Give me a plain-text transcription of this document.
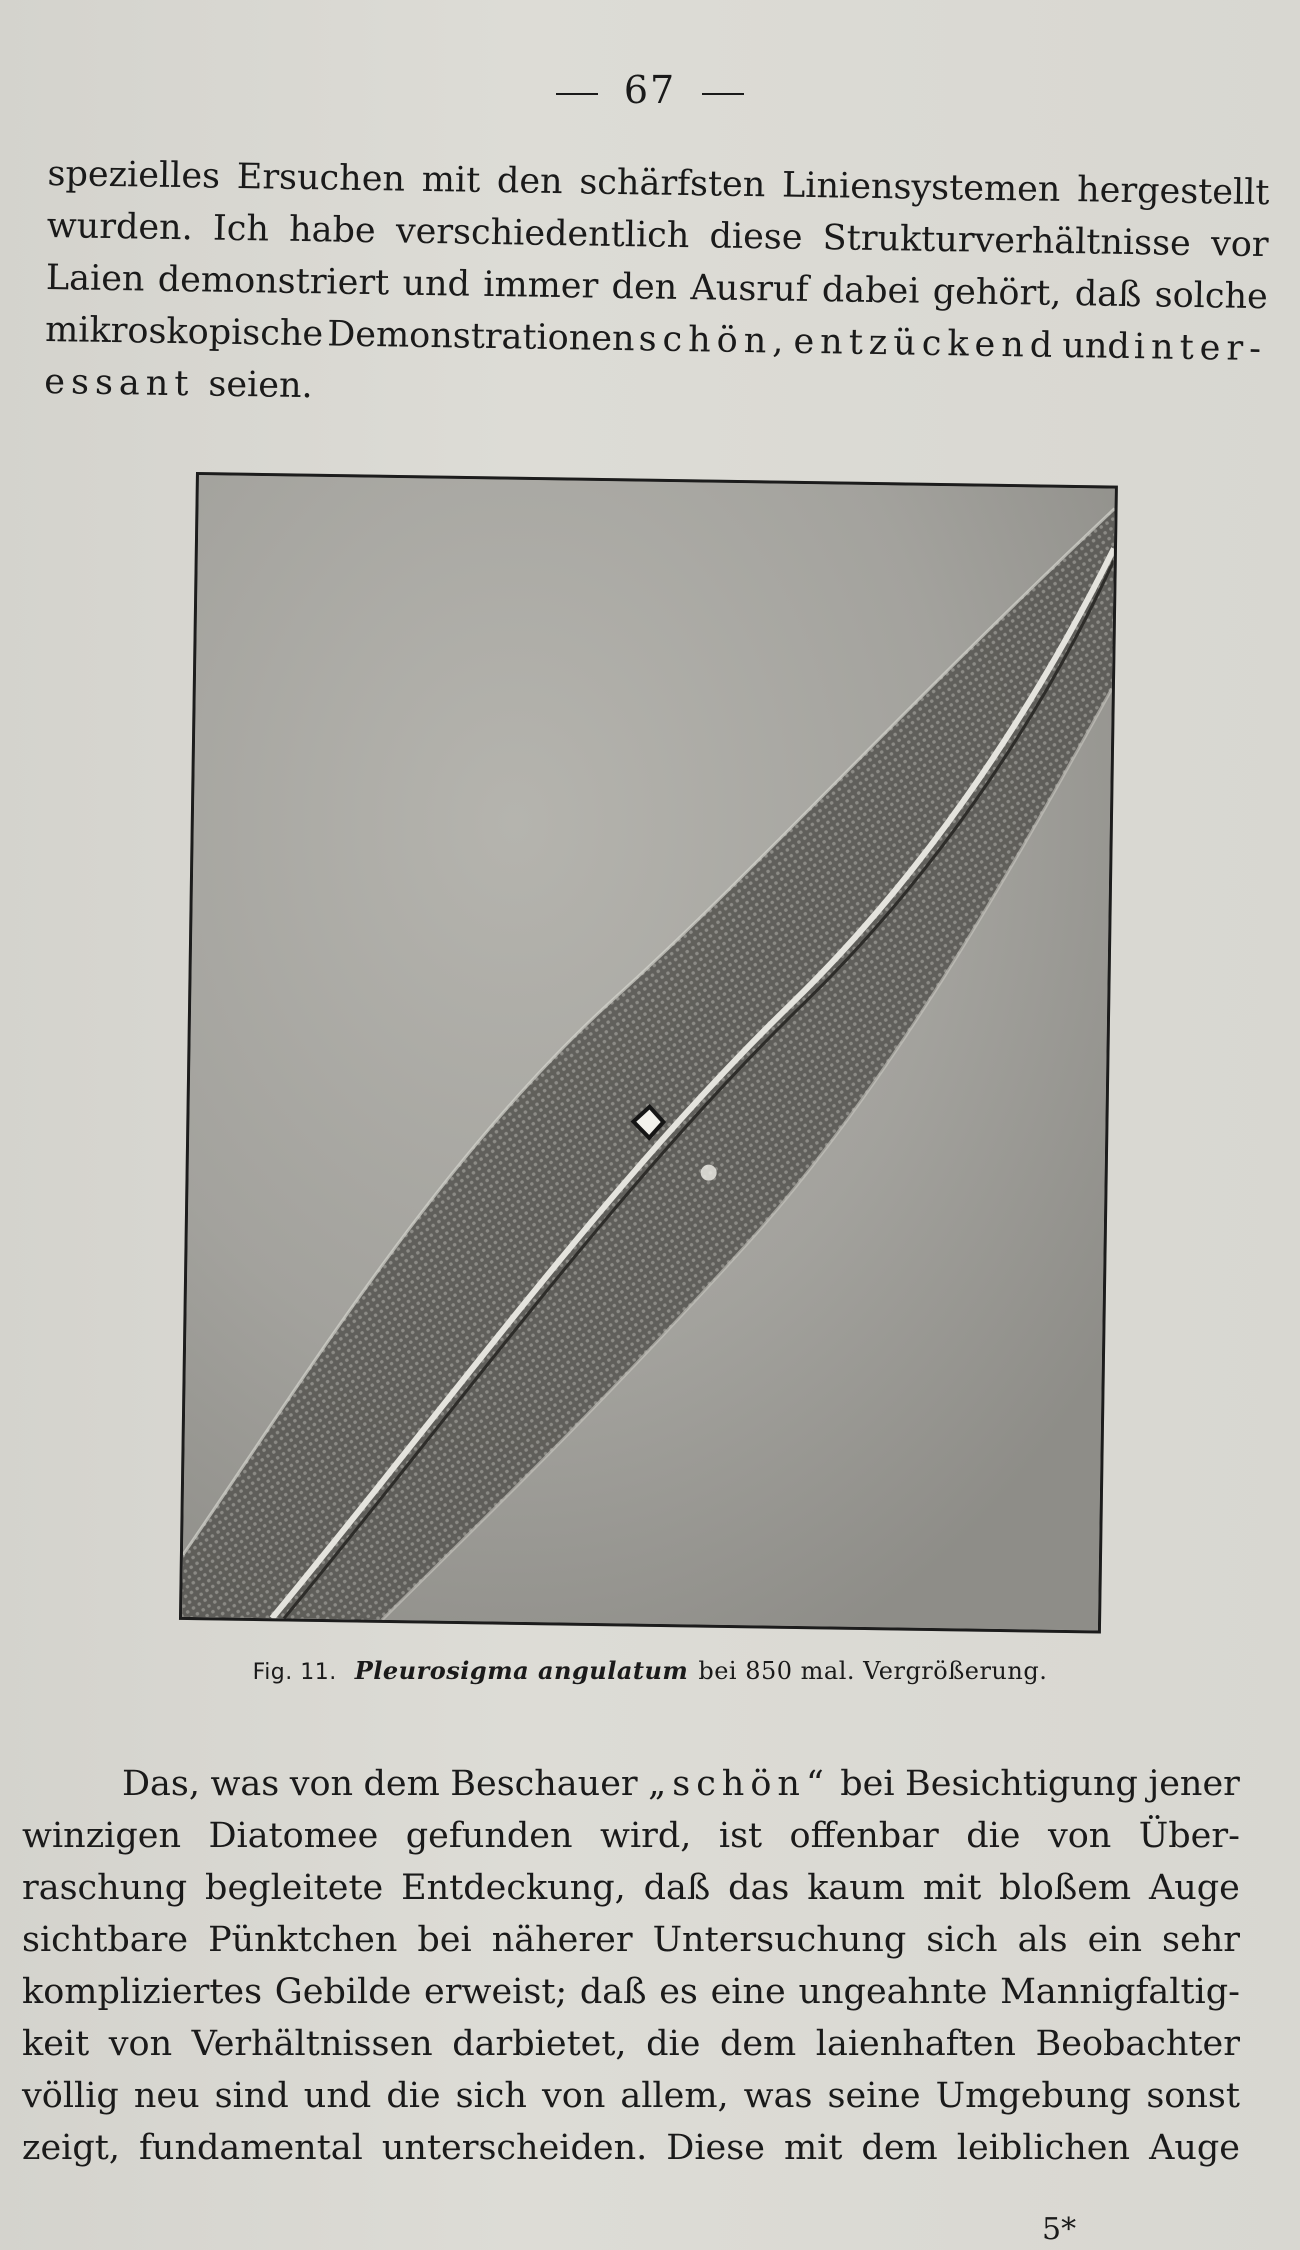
67
spezielles Ersuchen mit den schärfsten Liniensystemen hergestellt
wurden. Ich habe verschiedentlich diese Strukturverhältnisse vor
Laien demonstriert und immer den Ausruf dabei gehört, daß solche
mikroskopische Demonstrationen schön, entzückend und inter-
essant seien.
Fig. 11. Pleurosigma angulatum bei 850 mal. Vergrößerung.
Das, was von dem Beschauer „schön“ bei Besichtigung jener
winzigen Diatomee gefunden wird, ist offenbar die von Über-
raschung begleitete Entdeckung, daß das kaum mit bloßem Auge
sichtbare Pünktchen bei näherer Untersuchung sich als ein sehr
kompliziertes Gebilde erweist; daß es eine ungeahnte Mannigfaltig-
keit von Verhältnissen darbietet, die dem laienhaften Beobachter
völlig neu sind und die sich von allem, was seine Umgebung sonst
zeigt, fundamental unterscheiden. Diese mit dem leiblichen Auge
5*
